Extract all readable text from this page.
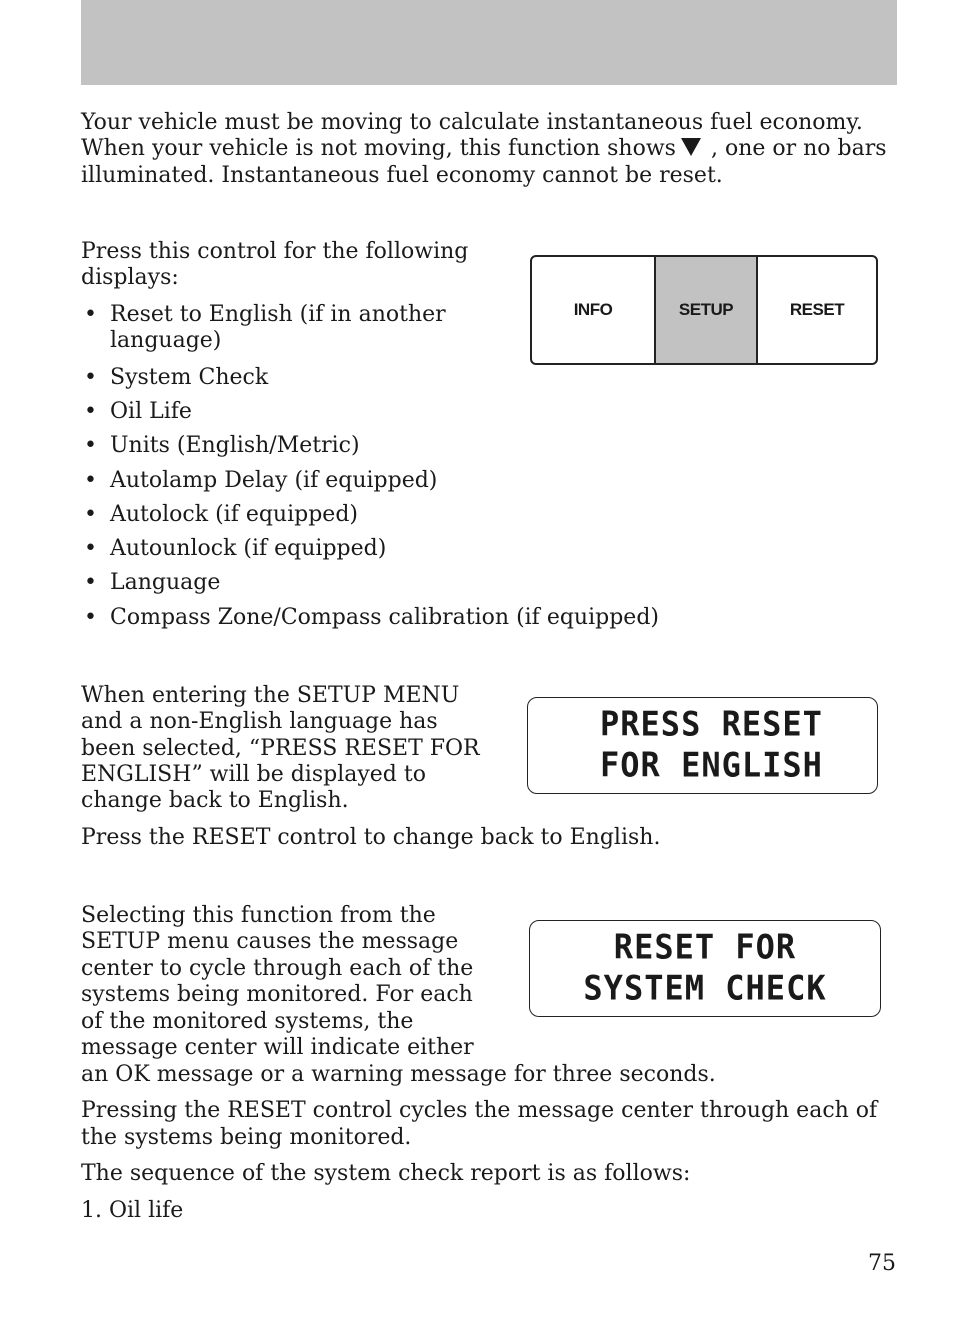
Your vehicle must be moving to calculate instantaneous fuel economy.

When your vehicle is not moving, this function shows , one or no bars

illuminated. Instantaneous fuel economy cannot be reset.

Press this control for the following

displays:

• Reset to English (if in another
language)
• System Check
• Oil Life
• Units (English/Metric)
• Autolamp Delay (if equipped)
• Autolock (if equipped)
• Autounlock (if equipped)
• Language
• Compass Zone/Compass calibration (if equipped)
INFO	SETUP	RESET

When entering the SETUP MENU

and a non-English language has

been selected, “PRESS RESET FOR

ENGLISH” will be displayed to

change back to English.

Press the RESET control to change back to English.

PRESS RESET
FOR ENGLISH

Selecting this function from the

SETUP menu causes the message

center to cycle through each of the

systems being monitored. For each

of the monitored systems, the

message center will indicate either

an OK message or a warning message for three seconds.

RESET FOR
SYSTEM CHECK

Pressing the RESET control cycles the message center through each of

the systems being monitored.

The sequence of the system check report is as follows:

1. Oil life

75
